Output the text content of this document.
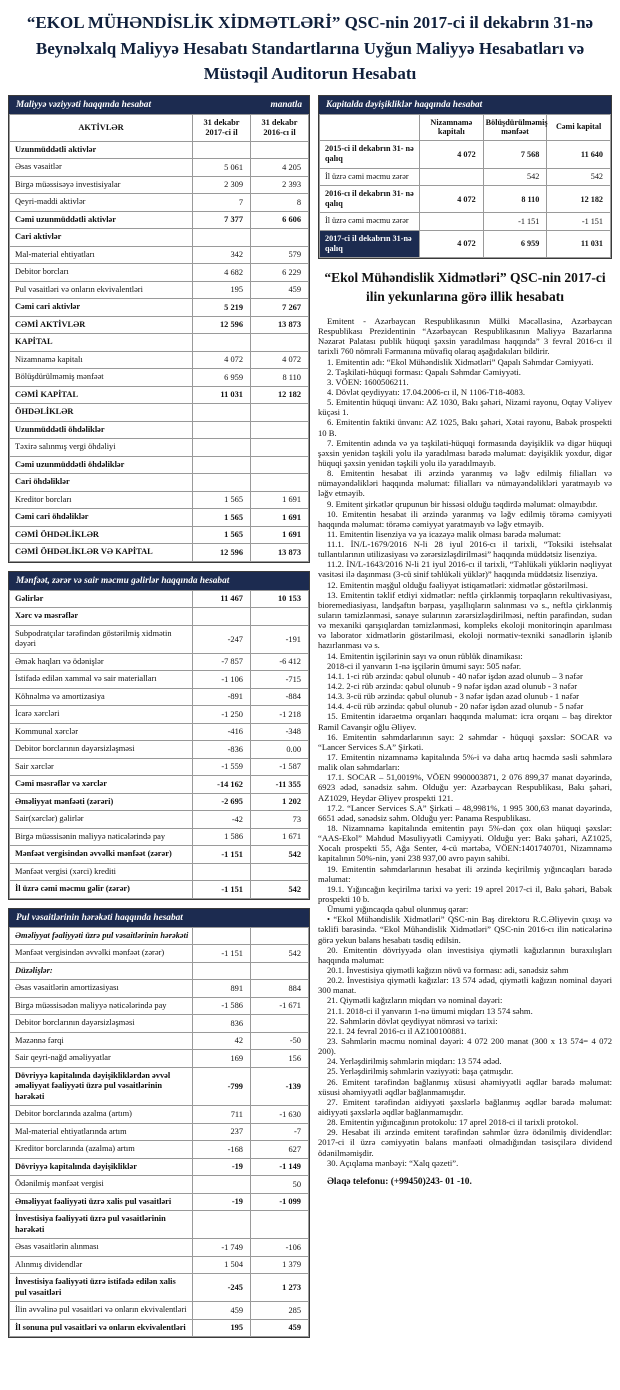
“EKOL MÜHƏNDİSLİK XİDMƏTLƏRİ” QSC-nin 2017-ci il dekabrın 31-nə Beynəlxalq Maliyyə Hesabatı Standartlarına Uyğun Maliyyə Hesabatları və Müstəqil Auditorun Hesabatı
Maliyyə vəziyyəti haqqında hesabat	manatla
AKTİVLƏR	31 dekabr 2017-ci il	31 dekabr 2016-cı il
Uzunmüddətli aktivlər		
Əsas vəsaitlər	5 061	4 205
Birgə müəssisəyə investisiyalar	2 309	2 393
Qeyri-maddi aktivlər	7	8
Cəmi uzunmüddətli aktivlər	7 377	6 606
Cari aktivlər		
Mal-material ehtiyatları	342	579
Debitor borcları	4 682	6 229
Pul vəsaitləri və onların ekvivalentləri	195	459
Cəmi cari aktivlər	5 219	7 267
CƏMİ AKTİVLƏR	12 596	13 873
KAPİTAL		
Nizamnamə kapitalı	4 072	4 072
Bölüşdürülməmiş mənfəət	6 959	8 110
CƏMİ KAPİTAL	11 031	12 182
ÖHDƏLİKLƏR		
Uzunmüddətli öhdəliklər		
Təxirə salınmış vergi öhdəliyi		
Cəmi uzunmüddətli öhdəliklər		
Cari öhdəliklər		
Kreditor borcları	1 565	1 691
Cəmi cari öhdəliklər	1 565	1 691
CƏMİ ÖHDƏLİKLƏR	1 565	1 691
CƏMİ ÖHDƏLİKLƏR VƏ KAPİTAL	12 596	13 873
Mənfəət, zərər və sair məcmu gəlirlər haqqında hesabat
Gəlirlər	11 467	10 153
Xərc və məsrəflər		
Subpodratçılar tərəfindən göstərilmiş xidmətin dəyəri	-247	-191
Əmək haqları və ödənişlər	-7 857	-6 412
İstifadə edilən xammal və sair materialları	-1 106	-715
Köhnəlmə və amortizasiya	-891	-884
İcarə xərcləri	-1 250	-1 218
Kommunal xərclər	-416	-348
Debitor borclarının dəyərsizləşməsi	-836	0.00
Sair xərclər	-1 559	-1 587
Cəmi məsrəflər və xərclər	-14 162	-11 355
Əməliyyat mənfəəti (zərəri)	-2 695	1 202
Sair(xərclər) gəlirlər	-42	73
Birgə müəssisənin maliyyə nəticələrində pay	1 586	1 671
Mənfəət vergisindən əvvəlki mənfəət (zərər)	-1 151	542
Mənfəət vergisi (xərci) krediti		
İl üzrə cəmi məcmu gəlir (zərər)	-1 151	542
Pul vəsaitlərinin hərəkəti haqqında hesabat
Əməliyyat fəaliyyəti üzrə pul vəsaitlərinin hərəkəti		
Mənfəət vergisindən əvvəlki mənfəət (zərər)	-1 151	542
Düzəlişlər:		
Əsas vəsaitlərin amortizasiyası	891	884
Birgə müəssisədən maliyyə nəticələrində pay	-1 586	-1 671
Debitor borclarının dəyərsizləşməsi	836	
Məzənnə fərqi	42	-50
Sair qeyri-nağd əməliyyatlar	169	156
Dövriyyə kapitalında dəyişikliklərdən əvvəl əməliyyat fəaliyyəti üzrə pul vəsaitlərinin hərəkəti	-799	-139
Debitor borclarında azalma (artım)	711	-1 630
Mal-material ehtiyatlarında artım	237	-7
Kreditor borclarında (azalma) artım	-168	627
Dövriyyə kapitalında dəyişikliklər	-19	-1 149
Ödənilmiş mənfəət vergisi		50
Əməliyyat fəaliyyəti üzrə xalis pul vəsaitləri	-19	-1 099
İnvestisiya fəaliyyəti üzrə pul vəsaitlərinin hərəkəti		
Əsas vəsaitlərin alınması	-1 749	-106
Alınmış dividendlər	1 504	1 379
İnvestisiya fəaliyyəti üzrə istifadə edilən xalis pul vəsaitləri	-245	1 273
İlin əvvəlinə pul vəsaitləri və onların ekvivalentləri	459	285
İl sonuna pul vəsaitləri və onların ekvivalentləri	195	459
Kapitalda dəyişikliklər haqqında hesabat
	Nizamnamə kapitalı	Bölüşdürülməmiş mənfəət	Cəmi kapital
2015-ci il dekabrın 31- nə qalıq	4 072	7 568	11 640
İl üzrə cəmi məcmu zərər		542	542
2016-cı il dekabrın 31- nə qalıq	4 072	8 110	12 182
İl üzrə cəmi məcmu zərər		-1 151	-1 151
2017-ci il dekabrın 31-nə qalıq	4 072	6 959	11 031
“Ekol Mühəndislik Xidmətləri” QSC-nin 2017-ci ilin yekunlarına görə illik hesabatı

Emitent - Azərbaycan Respublikasının Mülki Məcəlləsinə, Azərbaycan Respublikası Prezidentinin “Azərbaycan Respublikasının Maliyyə Bazarlarına Nəzarət Palatası publik hüquqi şəxsin yaradılması haqqında” 3 fevral 2016-cı il tarixli 760 nömrəli Fərmanına müvafiq olaraq aşağıdakıları bildirir.

1. Emitentin adı: “Ekol Mühəndislik Xidmətləri” Qapalı Səhmdar Cəmiyyəti.

2. Təşkilati-hüquqi forması: Qapalı Səhmdar Cəmiyyəti.

3. VÖEN: 1600506211.

4. Dövlət qeydiyyatı: 17.04.2006-cı il, N 1106-T18-4083.

5. Emitentin hüquqi ünvanı: AZ 1030, Bakı şəhəri, Nizami rayonu, Oqtay Vəliyev küçəsi 1.

6. Emitentin faktiki ünvanı: AZ 1025, Bakı şəhəri, Xətai rayonu, Babək prospekti 10 B.

7. Emitentin adında və ya təşkilati-hüquqi formasında dəyişiklik və digər hüquqi şəxsin yenidən təşkili yolu ilə yaradılması barədə məlumat: dəyişiklik yoxdur, digər hüquqi şəxsin yenidən təşkili yolu ilə yaradılmayıb.

8. Emitentin hesabat ili ərzində yaranmış və ləğv edilmiş filialları və nümayəndəlikləri haqqında məlumat: filialları və nümayəndəlikləri yaratmayıb və ləğv etməyib.

9. Emitent şirkətlər qrupunun bir hissəsi olduğu təqdirdə məlumat: olmayıbdır.

10. Emitentin hesabat ili ərzində yaranmış və ləğv edilmiş törəmə cəmiyyəti haqqında məlumat: törəmə cəmiyyət yaratmayıb və ləğv etməyib.

11. Emitentin lisenziya və ya icazəyə malik olması barədə məlumat:

11.1. İN/L-1679/2016 N-li 28 iyul 2016-cı il tarixli, “Toksiki istehsalat tullantılarının utilizasiyası və zərərsizləşdirilməsi” haqqında müddətsiz lisenziya.

11.2. İN/L-1643/2016 N-li 21 iyul 2016-cı il tarixli, “Təhlükəli yüklərin nəqliyyat vasitəsi ilə daşınması (3-cü sinif təhlükəli yüklər)” haqqında müddətsiz lisenziya.

12. Emitentin məşğul olduğu fəaliyyət istiqamətləri: xidmətlər göstərilməsi.

13. Emitentin təklif etdiyi xidmətlər: neftlə çirklənmiş torpaqların rekultivasiyası, bioremediasiyası, landşaftın bərpası, yaşıllıqların salınması və s., neftlə çirklənmiş suların təmizlənməsi, sənaye sularının zərərsizləşdirilməsi, neftin parafindən, sudan və mexaniki qarışıqlardan təmizlənməsi, kompleks ekoloji monitorinqin aparılması və laborator xidmətlərin göstərilməsi, ekoloji normativ-texniki sənədlərin işlənib hazırlanması və s.

14. Emitentin işçilərinin sayı və onun rüblük dinamikası:

2018-ci il yanvarın 1-nə işçilərin ümumi sayı: 505 nəfər.

14.1. 1-ci rüb ərzində: qəbul olunub - 40 nəfər işdən azad olunub – 3 nəfər

14.2. 2-ci rüb ərzində: qəbul olunub - 9 nəfər işdən azad olunub - 3 nəfər

14.3. 3-cü rüb ərzində: qəbul olunub - 3 nəfər işdən azad olunub - 1 nəfər

14.4. 4-cü rüb ərzində: qəbul olunub - 20 nəfər işdən azad olunub - 5 nəfər

15. Emitentin idarəetmə orqanları haqqında məlumat: icra orqanı – baş direktor Ramil Cavanşir oğlu Əliyev.

16. Emitentin səhmdarlarının sayı: 2 səhmdar - hüquqi şəxslər: SOCAR və “Lancer Services S.A” Şirkəti.

17. Emitentin nizamnamə kapitalında 5%-i və daha artıq həcmdə səsli səhmlərə malik olan səhmdarları:

17.1. SOCAR – 51,0019%, VÖEN 9900003871, 2 076 899,37 manat dəyərində, 6923 ədəd, sənədsiz səhm. Olduğu yer: Azərbaycan Respublikası, Bakı şəhəri, AZ1029, Heydər Əliyev prospekti 121.

17.2. “Lancer Services S.A” Şirkəti – 48,9981%, 1 995 300,63 manat dəyərində, 6651 ədəd, sənədsiz səhm. Olduğu yer: Panama Respublikası.

18. Nizamnamə kapitalında emitentin payı 5%-dən çox olan hüquqi şəxslər: “AAS-Ekol” Məhdud Məsuliyyətli Cəmiyyəti. Olduğu yer: Bakı şəhəri, AZ1025, Xocalı prospekti 55, Ağa Senter, 4-cü mərtəbə, VÖEN:1401740701, Nizamnamə kapitalının 50%-nin, yəni 238 937,00 avro payın sahibi.

19. Emitentin səhmdarlarının hesabat ili ərzində keçirilmiş yığıncaqları barədə məlumat:

19.1. Yığıncağın keçirilmə tarixi və yeri: 19 aprel 2017-ci il, Bakı şəhəri, Babək prospekti 10 b.

Ümumi yığıncaqda qəbul olunmuş qərar:

• “Ekol Mühəndislik Xidmətləri” QSC-nin Baş direktoru R.C.Əliyevin çıxışı və təklifi barəsində. “Ekol Mühəndislik Xidmətləri” QSC-nin 2016-cı ilin nəticələrinə görə yekun balans hesabatı təsdiq edilsin.

20. Emitentin dövriyyədə olan investisiya qiymətli kağızlarının buraxılışları haqqında məlumat:

20.1. İnvestisiya qiymətli kağızın növü və forması: adi, sənədsiz səhm

20.2. İnvestisiya qiymətli kağızlar: 13 574 ədəd, qiymətli kağızın nominal dəyəri 300 manat.

21. Qiymətli kağızların miqdarı və nominal dəyəri:

21.1. 2018-ci il yanvarın 1-nə ümumi miqdarı 13 574 səhm.

22. Səhmlərin dövlət qeydiyyat nömrəsi və tarixi:

22.1. 24 fevral 2016-cı il AZ100100881.

23. Səhmlərin məcmu nominal dəyəri: 4 072 200 manat (300 x 13 574= 4 072 200).

24. Yerləşdirilmiş səhmlərin miqdarı: 13 574 ədəd.

25. Yerləşdirilmiş səhmlərin vəziyyəti: başa çatmışdır.

26. Emitent tərəfindən bağlanmış xüsusi əhəmiyyətli əqdlər barədə məlumat: xüsusi əhəmiyyətli əqdlər bağlanmamışdır.

27. Emitent tərəfindən aidiyyəti şəxslərlə bağlanmış əqdlər barədə məlumat: aidiyyəti şəxslərlə əqdlər bağlanmamışdır.

28. Emitentin yığıncağının protokolu: 17 aprel 2018-ci il tarixli protokol.

29. Hesabat ili ərzində emitent tərəfindən səhmlər üzrə ödənilmiş dividendlər: 2017-ci il üzrə cəmiyyətin balans mənfəəti olmadığından təsisçilərə dividend ödənilməmişdir.

30. Açıqlama mənbəyi: “Xalq qəzeti”.

Əlaqə telefonu: (+99450)243- 01 -10.
